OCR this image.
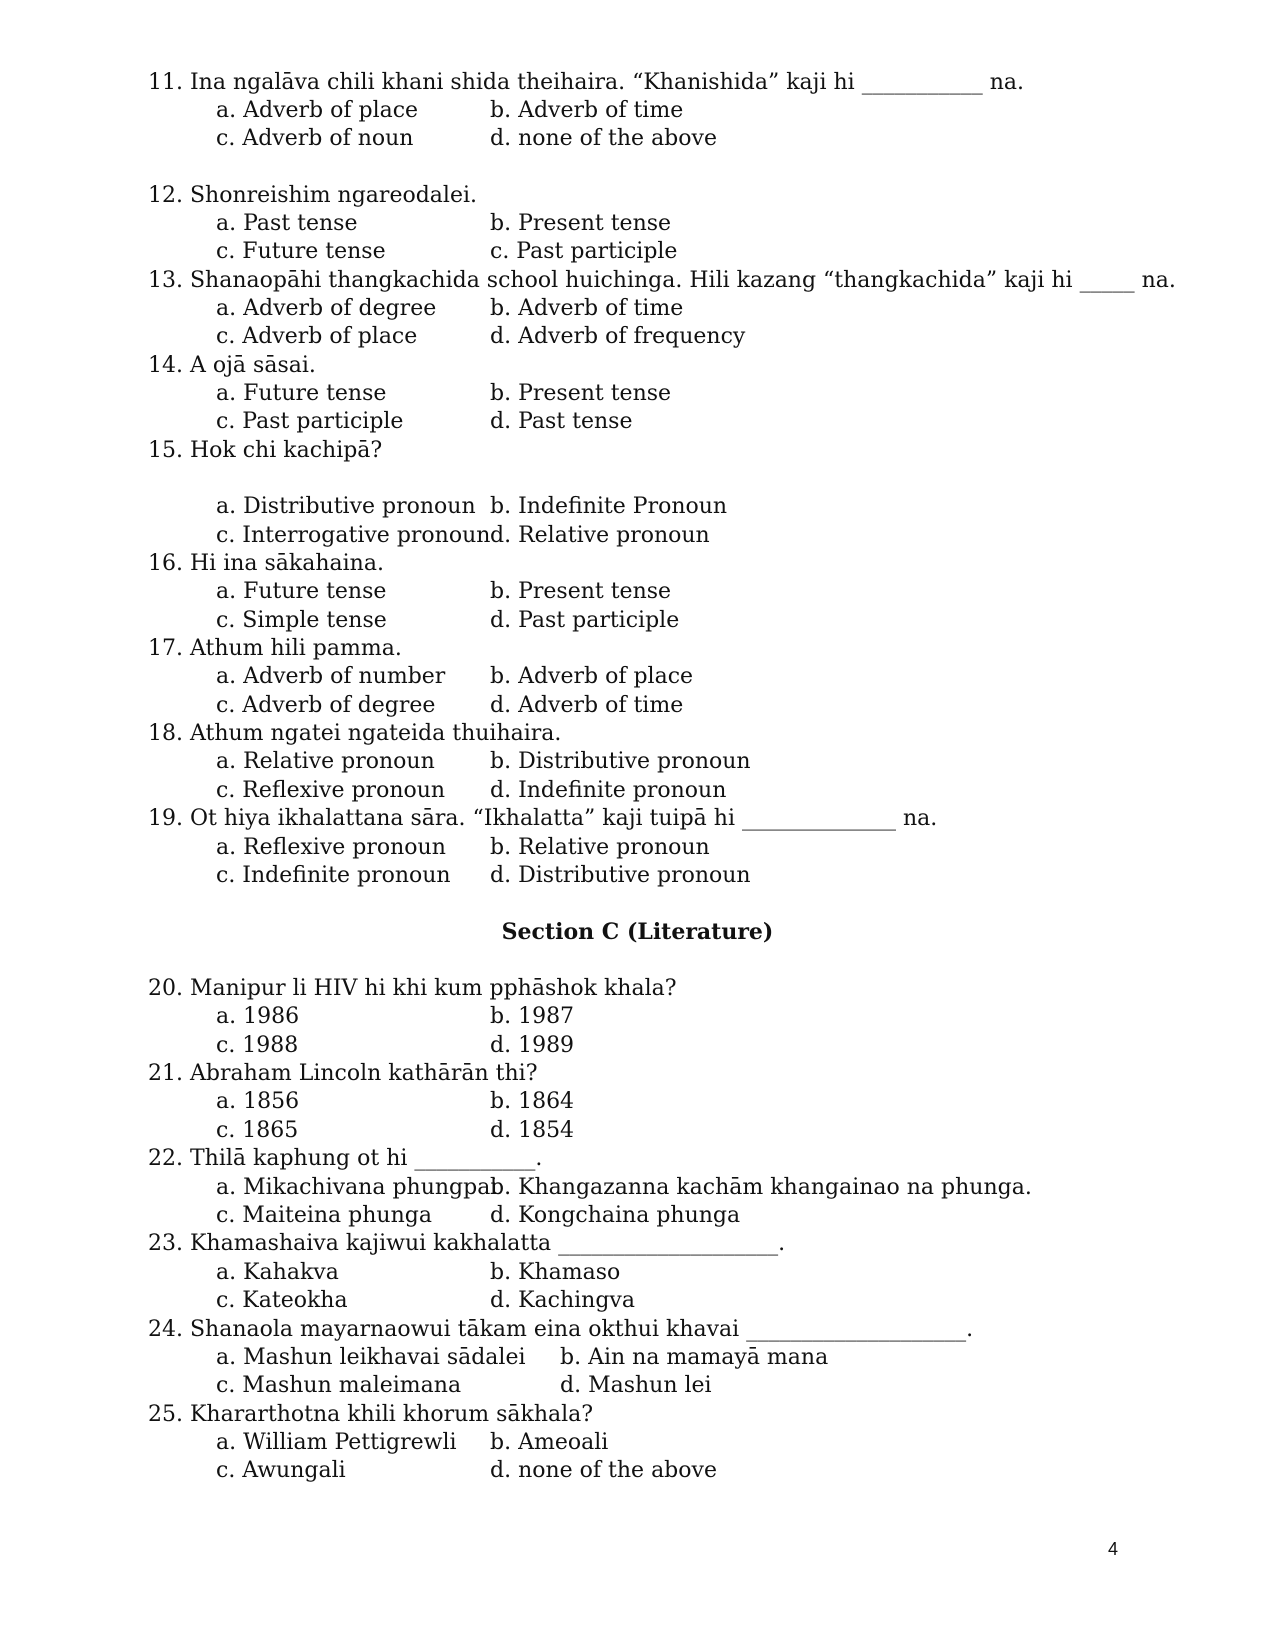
11. Ina ngalāva chili khani shida theihaira. “Khanishida” kaji hi ___________ na.
a. Adverb of place	b. Adverb of time
c. Adverb of noun	d. none of the above
12. Shonreishim ngareodalei.
a. Past tense	b. Present tense
c. Future tense	c. Past participle
13. Shanaopāhi thangkachida school huichinga. Hili kazang “thangkachida” kaji hi _____ na.
a. Adverb of degree b. Adverb of time
c. Adverb of place	d. Adverb of frequency
14. A ojā sāsai.
a. Future tense	b. Present tense
c. Past participle	d. Past tense
15. Hok chi kachipā?
a. Distributive pronoun b. Indefinite Pronoun
c. Interrogative pronoun d. Relative pronoun
16. Hi ina sākahaina.
a. Future tense	b. Present tense
c. Simple tense	d. Past participle
17. Athum hili pamma.
a. Adverb of number b. Adverb of place
c. Adverb of degree d. Adverb of time
18. Athum ngatei ngateida thuihaira.
a. Relative pronoun	b. Distributive pronoun
c. Reflexive pronoun d. Indefinite pronoun
19. Ot hiya ikhalattana sāra. “Ikhalatta” kaji tuipā hi ______________ na.
a. Reflexive pronoun b. Relative pronoun
c. Indefinite pronoun d. Distributive pronoun
Section C (Literature)
20. Manipur li HIV hi khi kum pphāshok khala?
a. 1986	b. 1987
c. 1988	d. 1989
21. Abraham Lincoln kathārān thi?
a. 1856	b. 1864
c. 1865	d. 1854
22. Thilā kaphung ot hi ___________.
a. Mikachivana phungpai
b. Khangazanna kachām khangainao na phunga.
c. Maiteina phunga	d. Kongchaina phunga
23. Khamashaiva kajiwui kakhalatta ____________________.
a. Kahakva	b. Khamaso
c. Kateokha	d. Kachingva
24. Shanaola mayarnaowui tākam eina okthui khavai ____________________.
a. Mashun leikhavai sādalei b. Ain na mamayā mana
c. Mashun maleimana	d. Mashun lei
25. Khararthotna khili khorum sākhala?
a. William Pettigrewli b. Ameoali
c. Awungali	d. none of the above
4
